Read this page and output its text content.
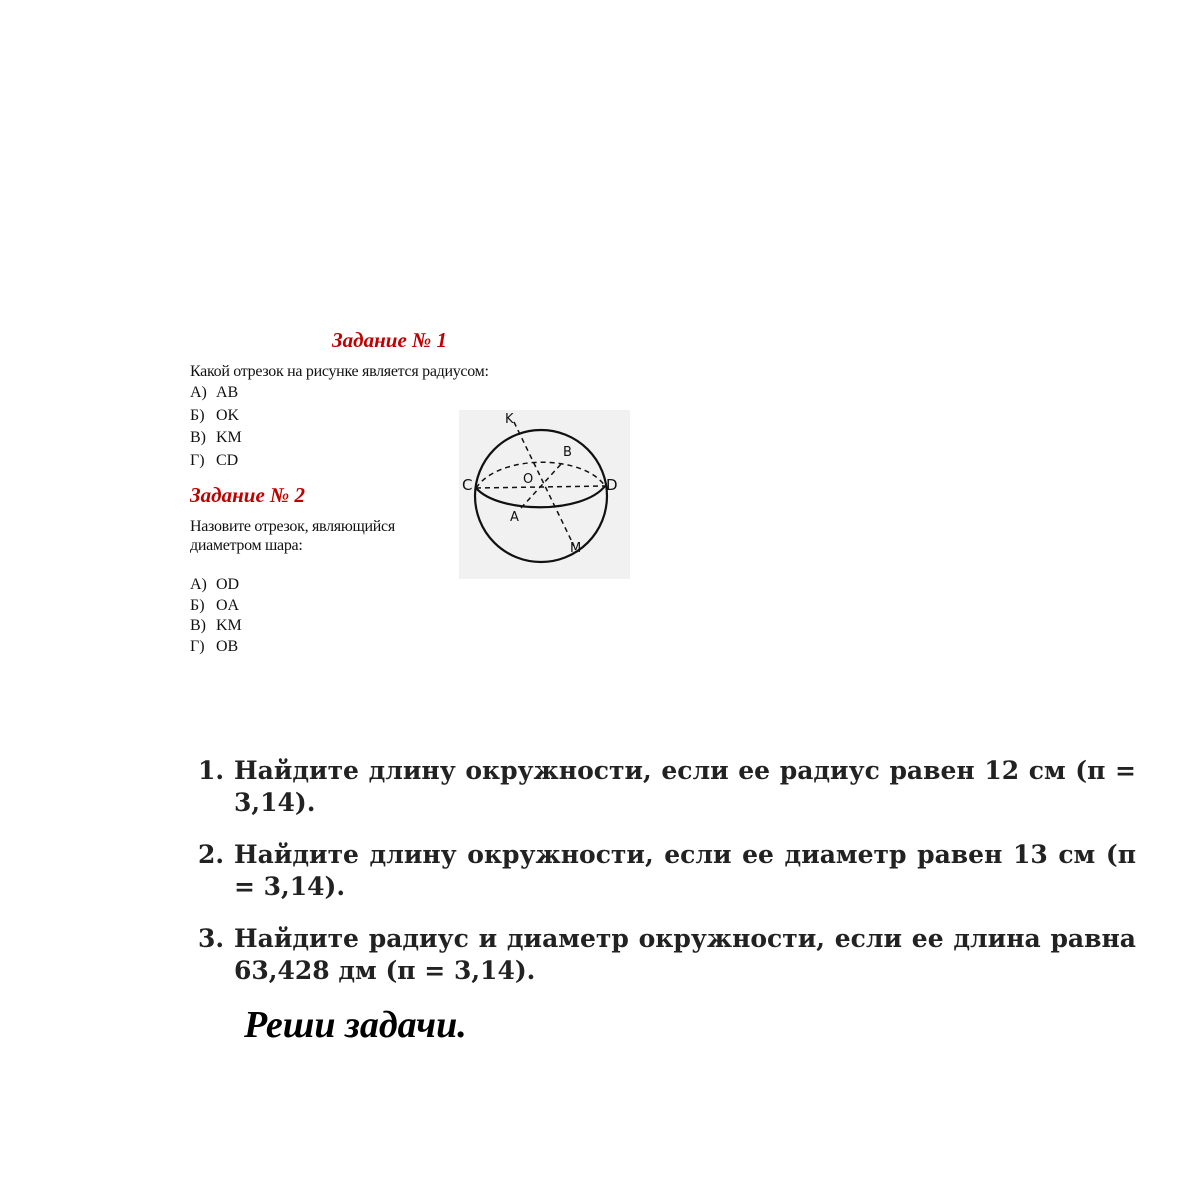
Задание № 1

Какой отрезок на рисунке является радиусом:

А) AB
Б) OK
В) KM
Г) CD
K
B
C	O	D
A
M
Задание № 2

Назовите отрезок, являющийся диаметром шара:

А) OD
Б) OA
В) KM
Г) OB
1. Найдите длину окружности, если ее радиус равен 12 см (π = 3,14).
2. Найдите длину окружности, если ее диаметр равен 13 см (π = 3,14).
3. Найдите радиус и диаметр окружности, если ее длина равна 63,428 дм (π = 3,14).

Реши задачи.
